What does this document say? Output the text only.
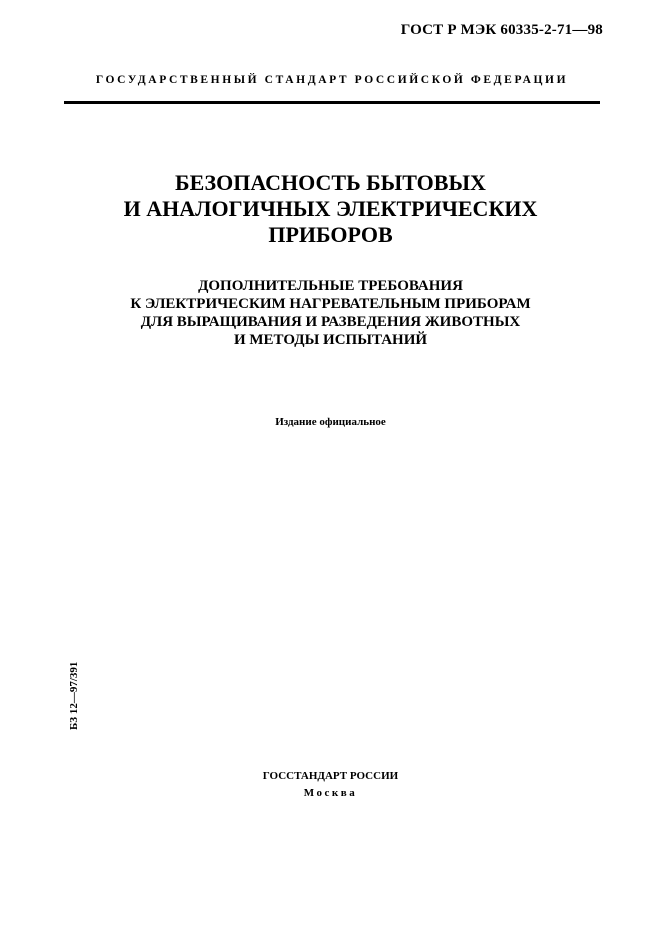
ГОСТ Р МЭК 60335-2-71—98
ГОСУДАРСТВЕННЫЙ СТАНДАРТ РОССИЙСКОЙ ФЕДЕРАЦИИ
БЕЗОПАСНОСТЬ БЫТОВЫХ
И АНАЛОГИЧНЫХ ЭЛЕКТРИЧЕСКИХ
ПРИБОРОВ
ДОПОЛНИТЕЛЬНЫЕ ТРЕБОВАНИЯ
К ЭЛЕКТРИЧЕСКИМ НАГРЕВАТЕЛЬНЫМ ПРИБОРАМ
ДЛЯ ВЫРАЩИВАНИЯ И РАЗВЕДЕНИЯ ЖИВОТНЫХ
И МЕТОДЫ ИСПЫТАНИЙ
Издание официальное
БЗ 12—97/391
ГОССТАНДАРТ РОССИИ
Москва
